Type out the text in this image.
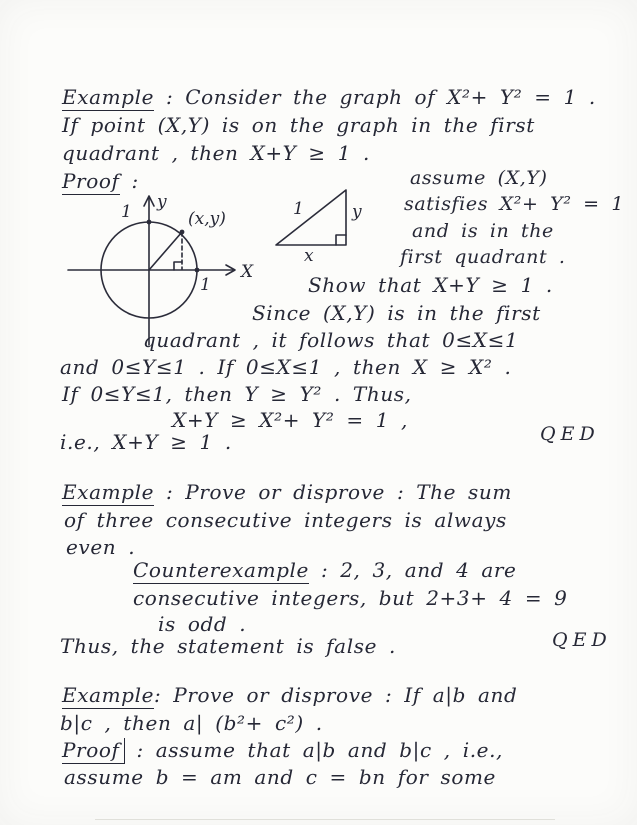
Example : Consider the graph of X²+ Y² = 1 .
If point (X,Y) is on the graph in the first
quadrant , then X+Y ≥ 1 .
Proof :
1
1
y
X
(x,y)	1	y
x
assume (X,Y)
satisfies X²+ Y² = 1
and is in the
first quadrant .
Show that X+Y ≥ 1 .
Since (X,Y) is in the first
quadrant , it follows that 0≤X≤1
and 0≤Y≤1 . If 0≤X≤1 , then X ≥ X² .
If 0≤Y≤1, then Y ≥ Y² . Thus,
X+Y ≥ X²+ Y² = 1 ,
i.e., X+Y ≥ 1 .	QED
Example : Prove or disprove : The sum
of three consecutive integers is always
even .
Counterexample : 2, 3, and 4 are
consecutive integers, but 2+3+ 4 = 9
is odd .
Thus, the statement is false .	QED
Example: Prove or disprove : If a|b and
b|c , then a| (b²+ c²) .
Proof : assume that a|b and b|c , i.e.,
assume b = am and c = bn for some
